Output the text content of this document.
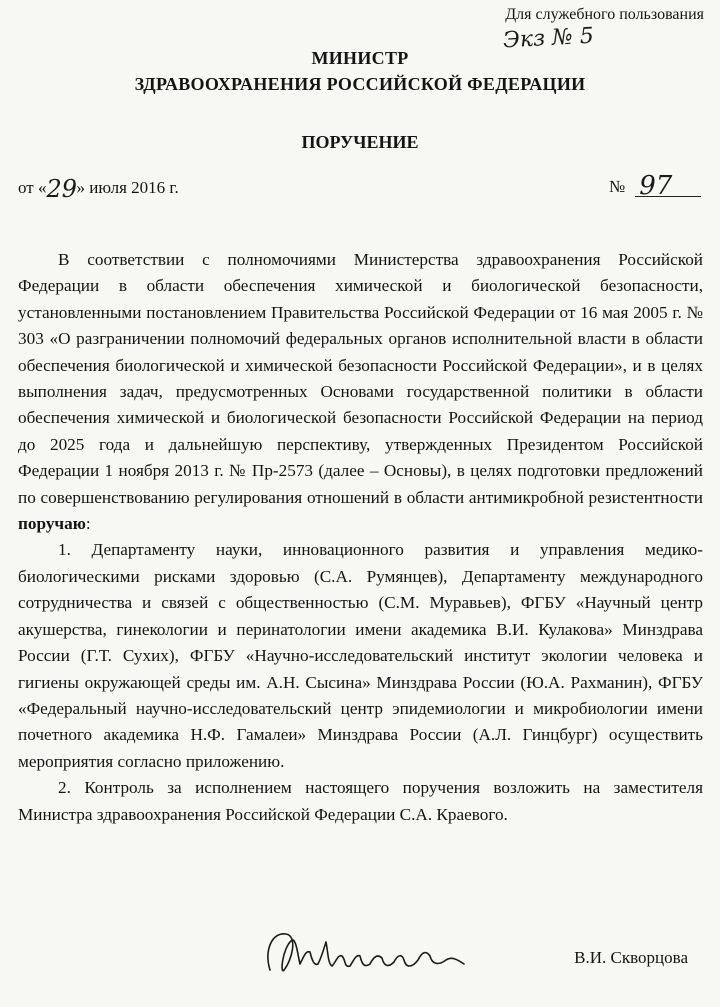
Для служебного пользования
Экз № 5
МИНИСТР
ЗДРАВООХРАНЕНИЯ РОССИЙСКОЙ ФЕДЕРАЦИИ
ПОРУЧЕНИЕ
от « 29 » июля 2016 г.	№ 97

В соответствии с полномочиями Министерства здравоохранения Российской Федерации в области обеспечения химической и биологической безопасности, установленными постановлением Правительства Российской Федерации от 16 мая 2005 г. № 303 «О разграничении полномочий федеральных органов исполнительной власти в области обеспечения биологической и химической безопасности Российской Федерации», и в целях выполнения задач, предусмотренных Основами государственной политики в области обеспечения химической и биологической безопасности Российской Федерации на период до 2025 года и дальнейшую перспективу, утвержденных Президентом Российской Федерации 1 ноября 2013 г. № Пр-2573 (далее – Основы), в целях подготовки предложений по совершенствованию регулирования отношений в области антимикробной резистентности поручаю:

1. Департаменту науки, инновационного развития и управления медико-биологическими рисками здоровью (С.А. Румянцев), Департаменту международного сотрудничества и связей с общественностью (С.М. Муравьев), ФГБУ «Научный центр акушерства, гинекологии и перинатологии имени академика В.И. Кулакова» Минздрава России (Г.Т. Сухих), ФГБУ «Научно-исследовательский институт экологии человека и гигиены окружающей среды им. А.Н. Сысина» Минздрава России (Ю.А. Рахманин), ФГБУ «Федеральный научно-исследовательский центр эпидемиологии и микробиологии имени почетного академика Н.Ф. Гамалеи» Минздрава России (А.Л. Гинцбург) осуществить мероприятия согласно приложению.

2. Контроль за исполнением настоящего поручения возложить на заместителя Министра здравоохранения Российской Федерации С.А. Краевого.

В.И. Скворцова
